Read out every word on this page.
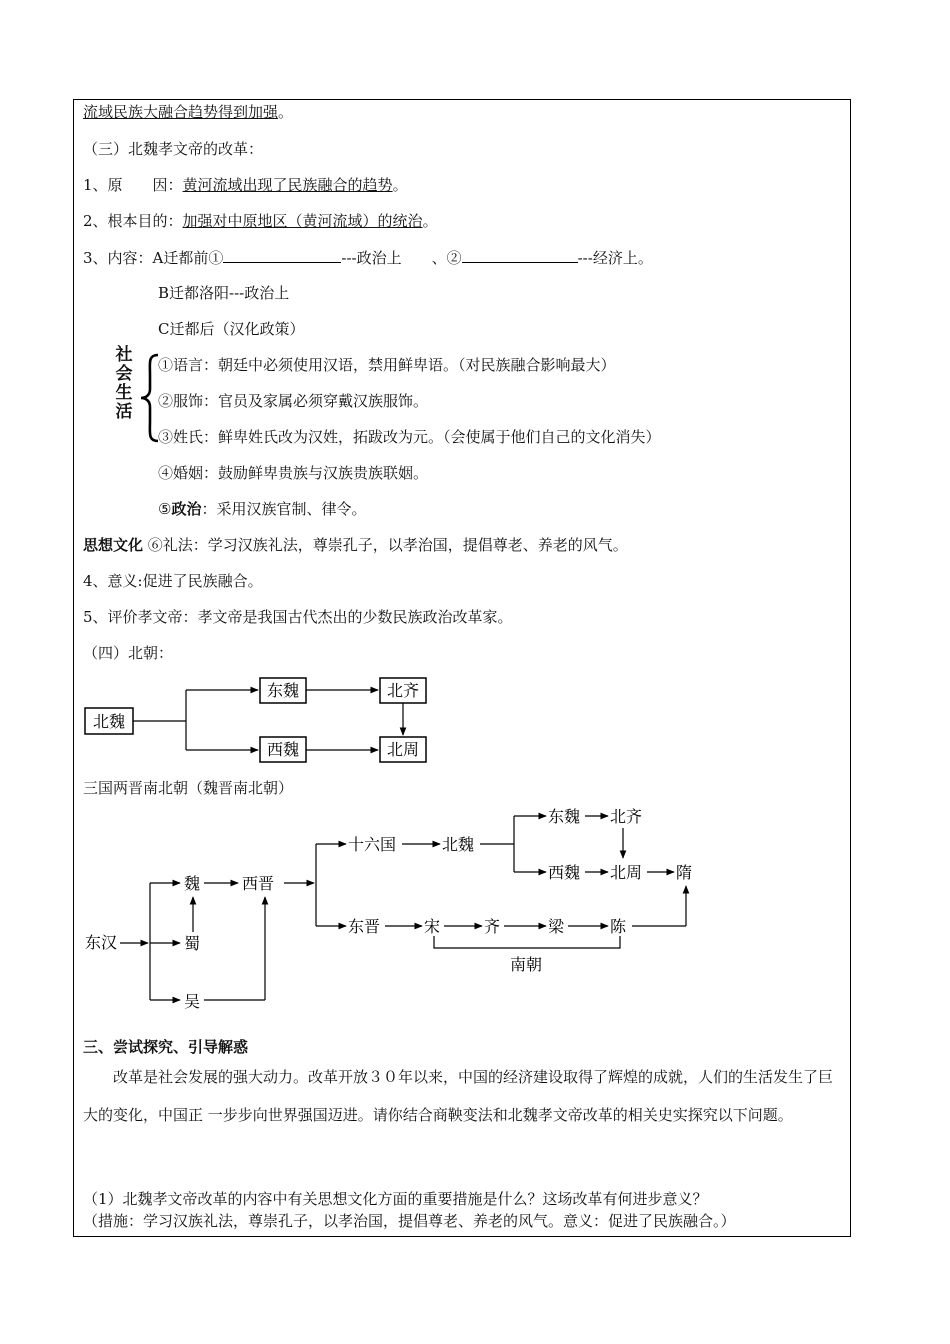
流域民族大融合趋势得到加强。
（三）北魏孝文帝的改革：
1、原　　因：黄河流域出现了民族融合的趋势。
2、根本目的：加强对中原地区（黄河流域）的统治。
3、内容：A迁都前①	---政治上　　、②	---经济上。
B迁都洛阳---政治上
C迁都后（汉化政策）
社会生活
①语言：朝廷中必须使用汉语，禁用鲜卑语。（对民族融合影响最大）
②服饰：官员及家属必须穿戴汉族服饰。
③姓氏：鲜卑姓氏改为汉姓，拓跋改为元。（会使属于他们自己的文化消失）
④婚姻：鼓励鲜卑贵族与汉族贵族联姻。
⑤政治：采用汉族官制、律令。
思想文化 ⑥礼法：学习汉族礼法，尊崇孔子，以孝治国，提倡尊老、养老的风气。
4、意义:促进了民族融合。
5、评价孝文帝：孝文帝是我国古代杰出的少数民族政治改革家。
（四）北朝：
北魏
东魏
西魏
北齐
北周
三国两晋南北朝（魏晋南北朝）
东汉
魏
蜀
吴
西晋
十六国	北魏
东魏
西魏
北齐
北周 隋
东晋	宋	齐	梁	陈
南朝
三、尝试探究、引导解惑
改革是社会发展的强大动力。改革开放３０年以来，中国的经济建设取得了辉煌的成就，人们的生活发生了巨大的变化，中国正 一步步向世界强国迈进。请你结合商鞅变法和北魏孝文帝改革的相关史实探究以下问题。
（1）北魏孝文帝改革的内容中有关思想文化方面的重要措施是什么？这场改革有何进步意义？
（措施：学习汉族礼法，尊崇孔子，以孝治国，提倡尊老、养老的风气。意义：促进了民族融合。）
